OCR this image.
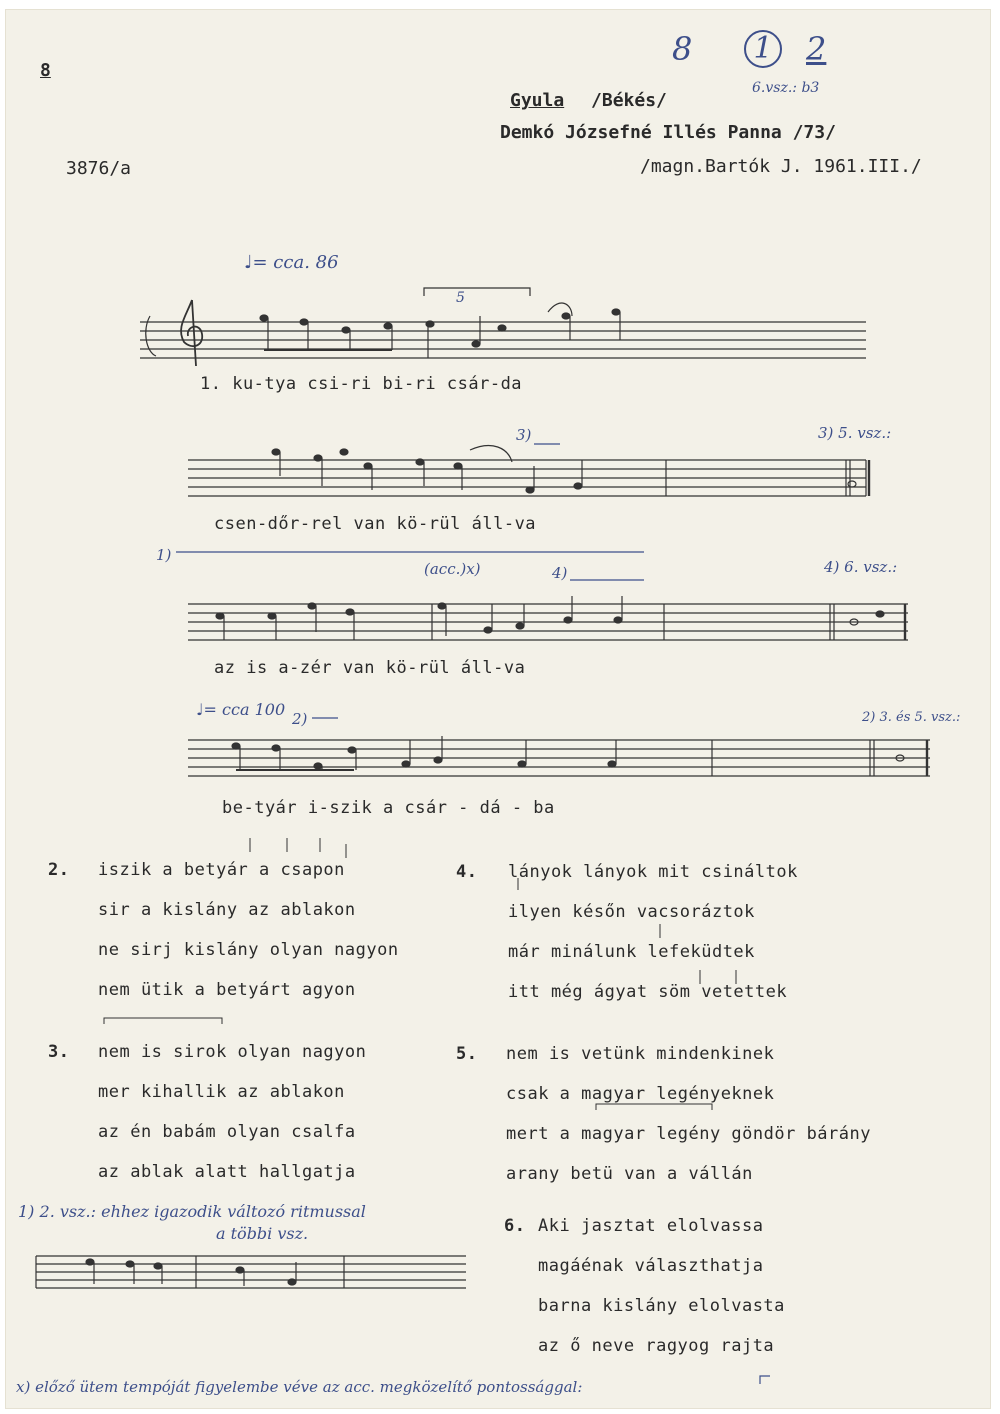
8
3876/a
8	1 2
6.vsz.: b3
Gyula /Békés/
Demkó Józsefné Illés Panna /73/
/magn.Bartók J. 1961.III./
♩= cca. 86
♩= cca 100
5
(acc.)x)
1)
2)
3)
4)
3) 5. vsz.:
4) 6. vsz.:
2) 3. és 5. vsz.:
1. ku-tya csi-ri bi-ri csár-da
csen-dőr-rel van kö-rül áll-va
az is a-zér van kö-rül áll-va
be-tyár i-szik a csár - dá - ba
2. iszik a betyár a csapon
sir a kislány az ablakon
ne sirj kislány olyan nagyon
nem ütik a betyárt agyon
3. nem is sirok olyan nagyon
mer kihallik az ablakon
az én babám olyan csalfa
az ablak alatt hallgatja
4. lányok lányok mit csináltok
ilyen későn vacsoráztok
már minálunk lefeküdtek
itt még ágyat söm vetettek
5. nem is vetünk mindenkinek
csak a magyar legényeknek
mert a magyar legény göndör bárány
arany betü van a vállán
6. Aki jasztat elolvassa
magáénak választhatja
barna kislány elolvasta
az ő neve ragyog rajta
1) 2. vsz.: ehhez igazodik változó ritmussal
a többi vsz.
x) előző ütem tempóját figyelembe véve az acc. megközelítő pontossággal:
